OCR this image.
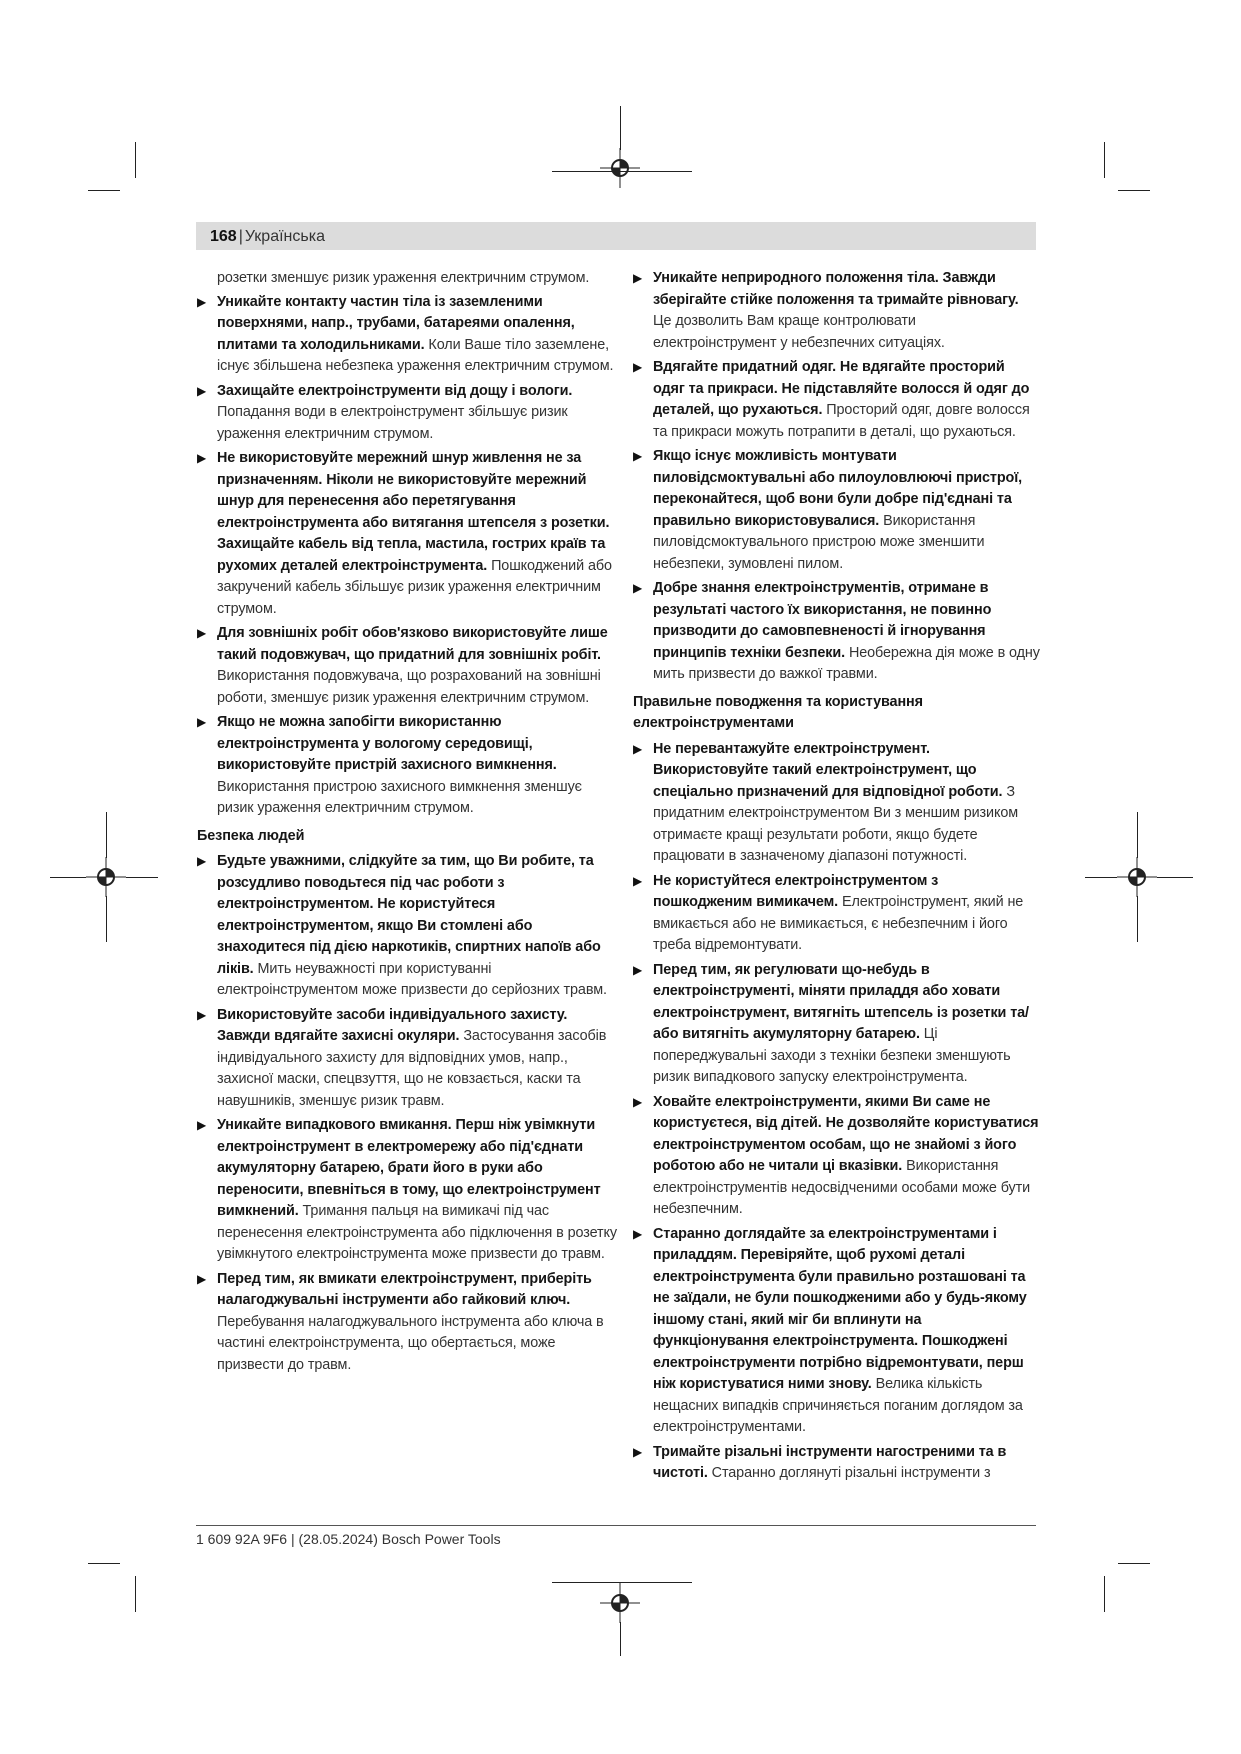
168 | Українська
розетки зменшує ризик ураження електричним струмом.
▶ Уникайте контакту частин тіла із заземленими поверхнями, напр., трубами, батареями опалення, плитами та холодильниками. Коли Ваше тіло заземлене, існує збільшена небезпека ураження електричним струмом.
▶ Захищайте електроінструменти від дощу і вологи. Попадання води в електроінструмент збільшує ризик ураження електричним струмом.
▶ Не використовуйте мережний шнур живлення не за призначенням. Ніколи не використовуйте мережний шнур для перенесення або перетягування електроінструмента або витягання штепселя з розетки. Захищайте кабель від тепла, мастила, гострих країв та рухомих деталей електроінструмента. Пошкоджений або закручений кабель збільшує ризик ураження електричним струмом.
▶ Для зовнішніх робіт обов'язково використовуйте лише такий подовжувач, що придатний для зовнішніх робіт. Використання подовжувача, що розрахований на зовнішні роботи, зменшує ризик ураження електричним струмом.
▶ Якщо не можна запобігти використанню електроінструмента у вологому середовищі, використовуйте пристрій захисного вимкнення. Використання пристрою захисного вимкнення зменшує ризик ураження електричним струмом.
Безпека людей
▶ Будьте уважними, слідкуйте за тим, що Ви робите, та розсудливо поводьтеся під час роботи з електроінструментом. Не користуйтеся електроінструментом, якщо Ви стомлені або знаходитеся під дією наркотиків, спиртних напоїв або ліків. Мить неуважності при користуванні електроінструментом може призвести до серйозних травм.
▶ Використовуйте засоби індивідуального захисту. Завжди вдягайте захисні окуляри. Застосування засобів індивідуального захисту для відповідних умов, напр., захисної маски, спецвзуття, що не ковзається, каски та навушників, зменшує ризик травм.
▶ Уникайте випадкового вмикання. Перш ніж увімкнути електроінструмент в електромережу або під'єднати акумуляторну батарею, брати його в руки або переносити, впевніться в тому, що електроінструмент вимкнений. Тримання пальця на вимикачі під час перенесення електроінструмента або підключення в розетку увімкнутого електроінструмента може призвести до травм.
▶ Перед тим, як вмикати електроінструмент, приберіть налагоджувальні інструменти або гайковий ключ. Перебування налагоджувального інструмента або ключа в частині електроінструмента, що обертається, може призвести до травм.
▶ Уникайте неприродного положення тіла. Завжди зберігайте стійке положення та тримайте рівновагу. Це дозволить Вам краще контролювати електроінструмент у небезпечних ситуаціях.
▶ Вдягайте придатний одяг. Не вдягайте просторий одяг та прикраси. Не підставляйте волосся й одяг до деталей, що рухаються. Просторий одяг, довге волосся та прикраси можуть потрапити в деталі, що рухаються.
▶ Якщо існує можливість монтувати пиловідсмоктувальні або пилоуловлюючі пристрої, переконайтеся, щоб вони були добре під'єднані та правильно використовувалися. Використання пиловідсмоктувального пристрою може зменшити небезпеки, зумовлені пилом.
▶ Добре знання електроінструментів, отримане в результаті частого їх використання, не повинно призводити до самовпевненості й ігнорування принципів техніки безпеки. Необережна дія може в одну мить призвести до важкої травми.
Правильне поводження та користування електроінструментами
▶ Не перевантажуйте електроінструмент. Використовуйте такий електроінструмент, що спеціально призначений для відповідної роботи. З придатним електроінструментом Ви з меншим ризиком отримаєте кращі результати роботи, якщо будете працювати в зазначеному діапазоні потужності.
▶ Не користуйтеся електроінструментом з пошкодженим вимикачем. Електроінструмент, який не вмикається або не вимикається, є небезпечним і його треба відремонтувати.
▶ Перед тим, як регулювати що-небудь в електроінструменті, міняти приладдя або ховати електроінструмент, витягніть штепсель із розетки та/або витягніть акумуляторну батарею. Ці попереджувальні заходи з техніки безпеки зменшують ризик випадкового запуску електроінструмента.
▶ Ховайте електроінструменти, якими Ви саме не користуєтеся, від дітей. Не дозволяйте користуватися електроінструментом особам, що не знайомі з його роботою або не читали ці вказівки. Використання електроінструментів недосвідченими особами може бути небезпечним.
▶ Старанно доглядайте за електроінструментами і приладдям. Перевіряйте, щоб рухомі деталі електроінструмента були правильно розташовані та не заїдали, не були пошкодженими або у будь-якому іншому стані, який міг би вплинути на функціонування електроінструмента. Пошкоджені електроінструменти потрібно відремонтувати, перш ніж користуватися ними знову. Велика кількість нещасних випадків спричиняється поганим доглядом за електроінструментами.
▶ Тримайте різальні інструменти нагостреними та в чистоті. Старанно доглянуті різальні інструменти з
1 609 92A 9F6 | (28.05.2024) Bosch Power Tools
